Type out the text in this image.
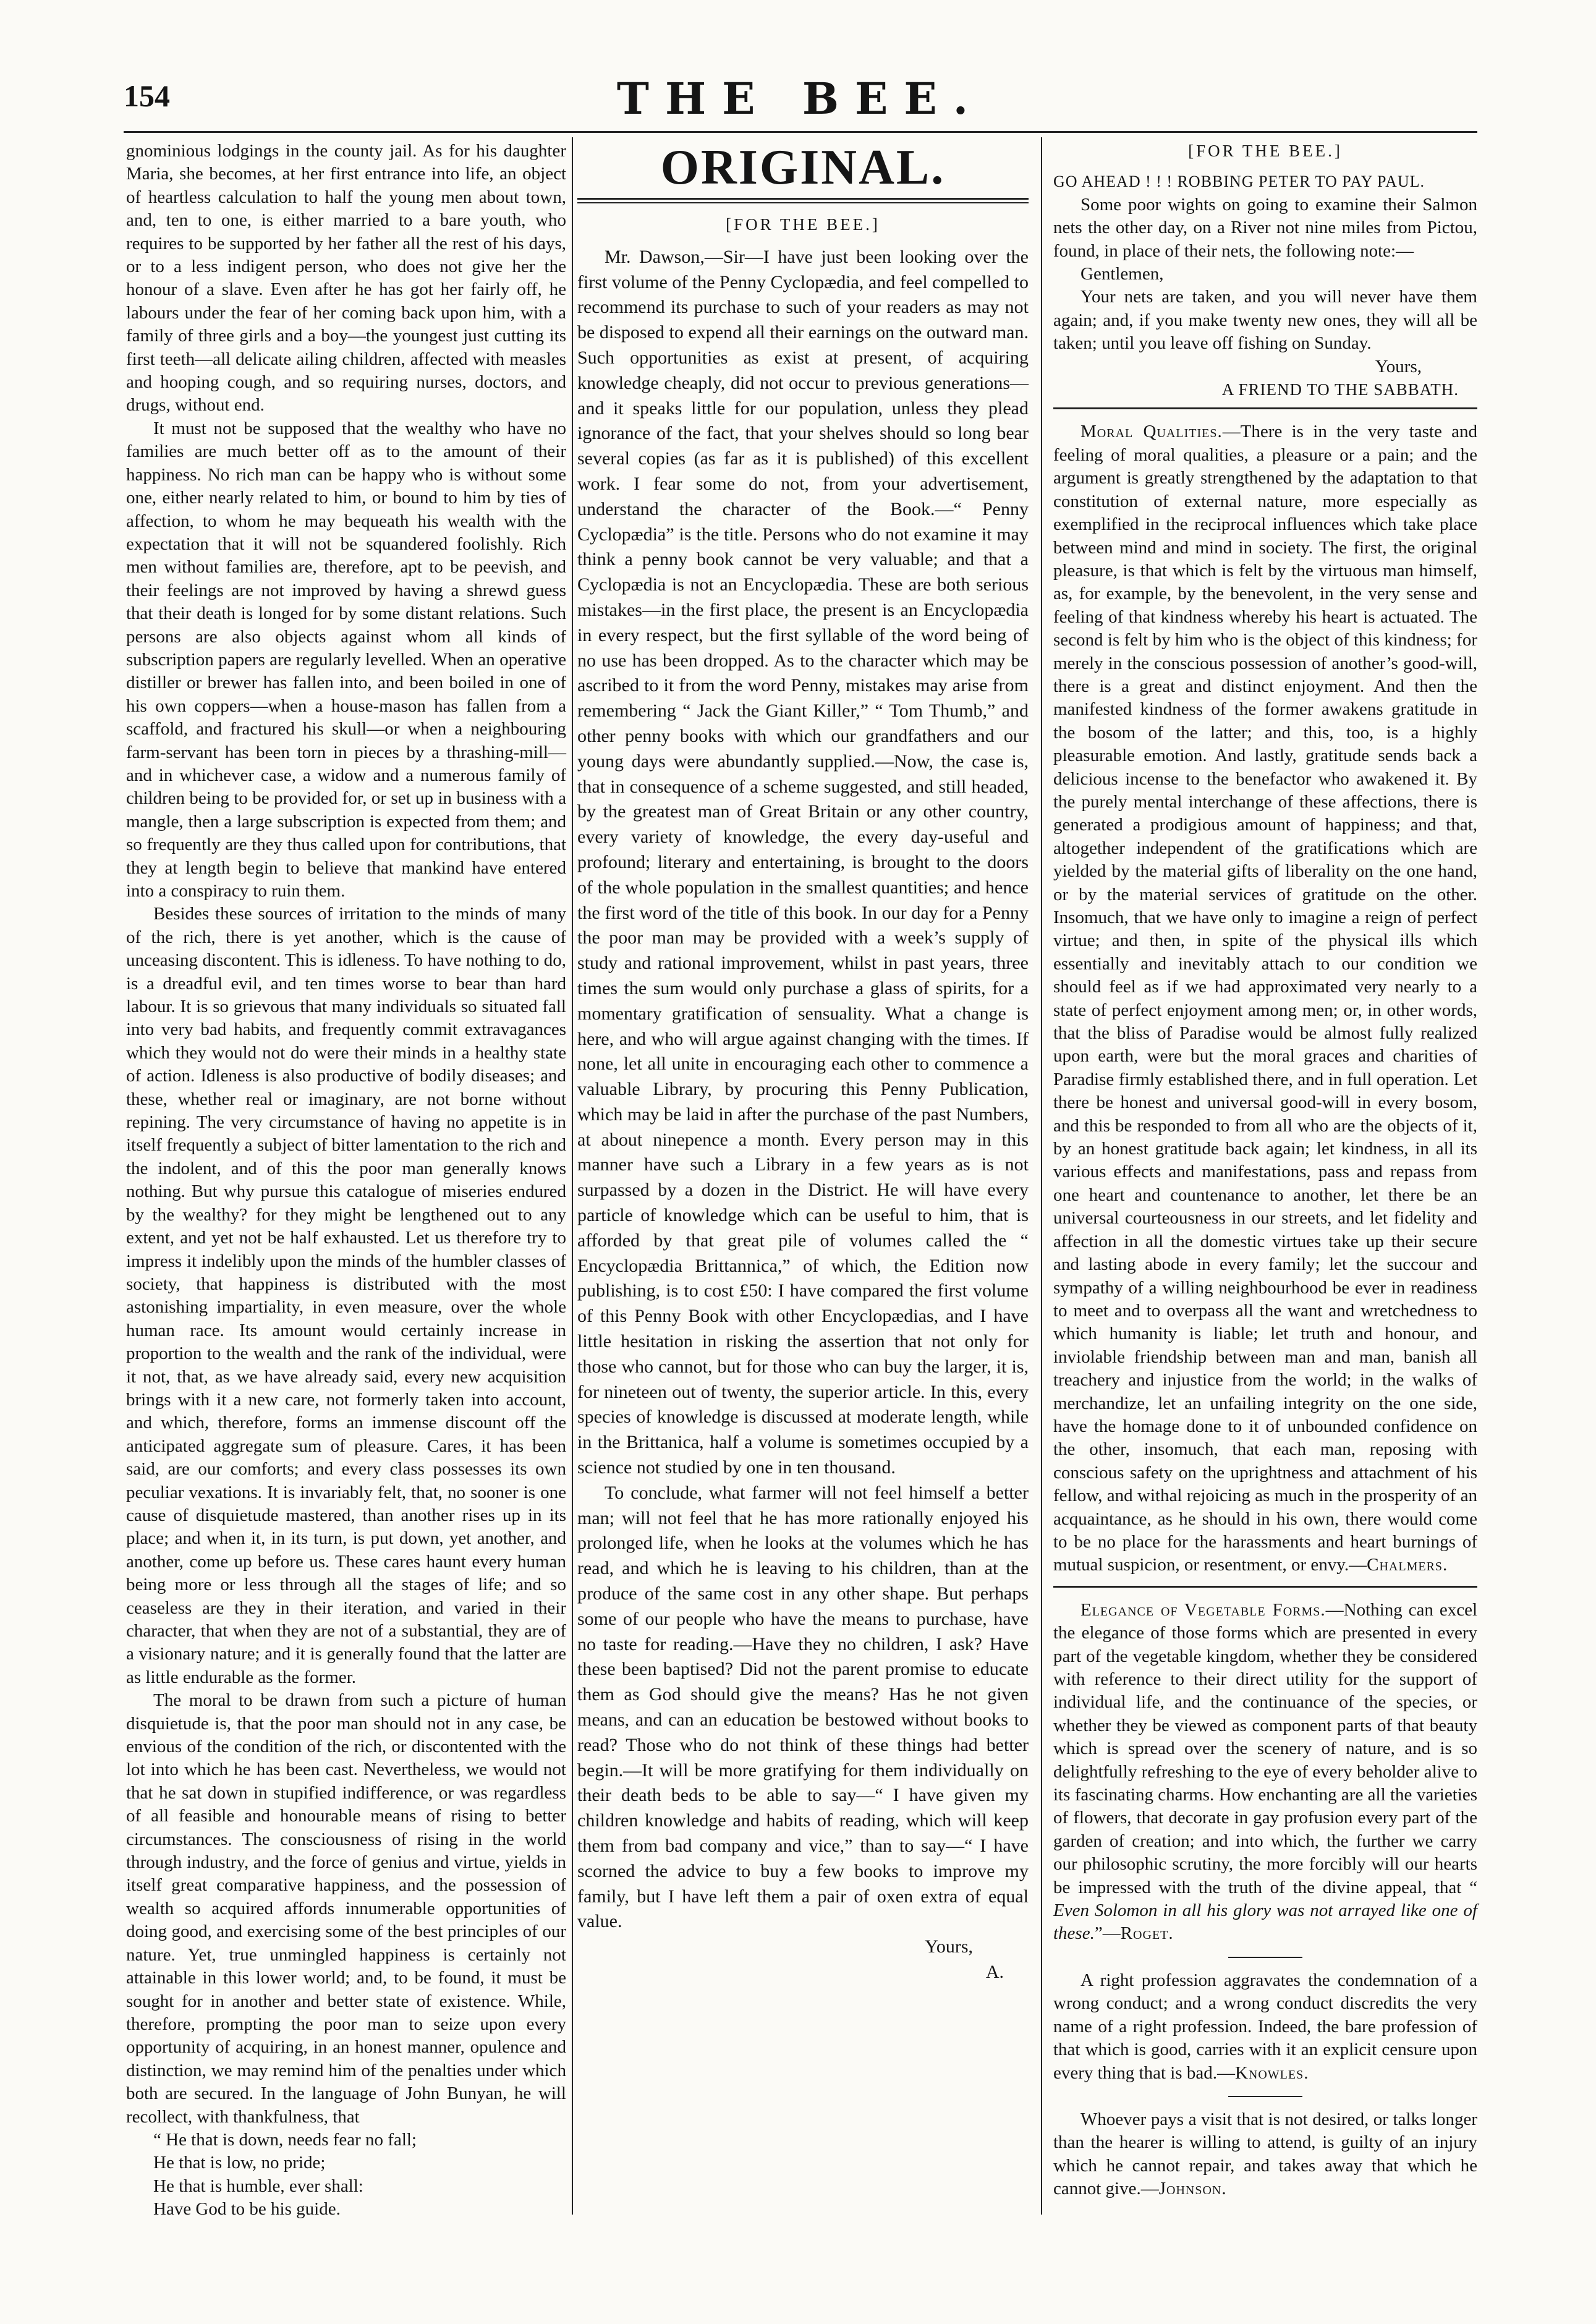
154	THE BEE.

gnominious lodgings in the county jail. As for his daughter Maria, she becomes, at her first entrance into life, an object of heartless calculation to half the young men about town, and, ten to one, is either married to a bare youth, who requires to be supported by her father all the rest of his days, or to a less indigent person, who does not give her the honour of a slave. Even after he has got her fairly off, he labours under the fear of her coming back upon him, with a family of three girls and a boy—the youngest just cutting its first teeth—all delicate ailing children, affected with measles and hooping cough, and so requiring nurses, doctors, and drugs, without end.

It must not be supposed that the wealthy who have no families are much better off as to the amount of their happiness. No rich man can be happy who is without some one, either nearly related to him, or bound to him by ties of affection, to whom he may bequeath his wealth with the expectation that it will not be squandered foolishly. Rich men without families are, therefore, apt to be peevish, and their feelings are not improved by having a shrewd guess that their death is longed for by some distant relations. Such persons are also objects against whom all kinds of subscription papers are regularly levelled. When an operative distiller or brewer has fallen into, and been boiled in one of his own coppers—when a house-mason has fallen from a scaffold, and fractured his skull—or when a neighbouring farm-servant has been torn in pieces by a thrashing-mill—and in whichever case, a widow and a numerous family of children being to be provided for, or set up in business with a mangle, then a large subscription is expected from them; and so frequently are they thus called upon for contributions, that they at length begin to believe that mankind have entered into a conspiracy to ruin them.

Besides these sources of irritation to the minds of many of the rich, there is yet another, which is the cause of unceasing discontent. This is idleness. To have nothing to do, is a dreadful evil, and ten times worse to bear than hard labour. It is so grievous that many individuals so situated fall into very bad habits, and frequently commit extravagances which they would not do were their minds in a healthy state of action. Idleness is also productive of bodily diseases; and these, whether real or imaginary, are not borne without repining. The very circumstance of having no appetite is in itself frequently a subject of bitter lamentation to the rich and the indolent, and of this the poor man generally knows nothing. But why pursue this catalogue of miseries endured by the wealthy? for they might be lengthened out to any extent, and yet not be half exhausted. Let us therefore try to impress it indelibly upon the minds of the humbler classes of society, that happiness is distributed with the most astonishing impartiality, in even measure, over the whole human race. Its amount would certainly increase in proportion to the wealth and the rank of the individual, were it not, that, as we have already said, every new acquisition brings with it a new care, not formerly taken into account, and which, therefore, forms an immense discount off the anticipated aggregate sum of pleasure. Cares, it has been said, are our comforts; and every class possesses its own peculiar vexations. It is invariably felt, that, no sooner is one cause of disquietude mastered, than another rises up in its place; and when it, in its turn, is put down, yet another, and another, come up before us. These cares haunt every human being more or less through all the stages of life; and so ceaseless are they in their iteration, and varied in their character, that when they are not of a substantial, they are of a visionary nature; and it is generally found that the latter are as little endurable as the former.

The moral to be drawn from such a picture of human disquietude is, that the poor man should not in any case, be envious of the condition of the rich, or discontented with the lot into which he has been cast. Nevertheless, we would not that he sat down in stupified indifference, or was regardless of all feasible and honourable means of rising to better circumstances. The consciousness of rising in the world through industry, and the force of genius and virtue, yields in itself great comparative happiness, and the possession of wealth so acquired affords innumerable opportunities of doing good, and exercising some of the best principles of our nature. Yet, true unmingled happiness is certainly not attainable in this lower world; and, to be found, it must be sought for in another and better state of existence. While, therefore, prompting the poor man to seize upon every opportunity of acquiring, in an honest manner, opulence and distinction, we may remind him of the penalties under which both are secured. In the language of John Bunyan, he will recollect, with thankfulness, that

“ He that is down, needs fear no fall;

He that is low, no pride;

He that is humble, ever shall:

Have God to be his guide.

ORIGINAL.
[FOR THE BEE.]

Mr. Dawson,—Sir—I have just been looking over the first volume of the Penny Cyclopædia, and feel compelled to recommend its purchase to such of your readers as may not be disposed to expend all their earnings on the outward man. Such opportunities as exist at present, of acquiring knowledge cheaply, did not occur to previous generations—and it speaks little for our population, unless they plead ignorance of the fact, that your shelves should so long bear several copies (as far as it is published) of this excellent work. I fear some do not, from your advertisement, understand the character of the Book.—“ Penny Cyclopædia” is the title. Persons who do not examine it may think a penny book cannot be very valuable; and that a Cyclopædia is not an Encyclopædia. These are both serious mistakes—in the first place, the present is an Encyclopædia in every respect, but the first syllable of the word being of no use has been dropped. As to the character which may be ascribed to it from the word Penny, mistakes may arise from remembering “ Jack the Giant Killer,” “ Tom Thumb,” and other penny books with which our grandfathers and our young days were abundantly supplied.—Now, the case is, that in consequence of a scheme suggested, and still headed, by the greatest man of Great Britain or any other country, every variety of knowledge, the every day-useful and profound; literary and entertaining, is brought to the doors of the whole population in the smallest quantities; and hence the first word of the title of this book. In our day for a Penny the poor man may be provided with a week’s supply of study and rational improvement, whilst in past years, three times the sum would only purchase a glass of spirits, for a momentary gratification of sensuality. What a change is here, and who will argue against changing with the times. If none, let all unite in encouraging each other to commence a valuable Library, by procuring this Penny Publication, which may be laid in after the purchase of the past Numbers, at about ninepence a month. Every person may in this manner have such a Library in a few years as is not surpassed by a dozen in the District. He will have every particle of knowledge which can be useful to him, that is afforded by that great pile of volumes called the “ Encyclopædia Brittannica,” of which, the Edition now publishing, is to cost £50: I have compared the first volume of this Penny Book with other Encyclopædias, and I have little hesitation in risking the assertion that not only for those who cannot, but for those who can buy the larger, it is, for nineteen out of twenty, the superior article. In this, every species of knowledge is discussed at moderate length, while in the Brittanica, half a volume is sometimes occupied by a science not studied by one in ten thousand.

To conclude, what farmer will not feel himself a better man; will not feel that he has more rationally enjoyed his prolonged life, when he looks at the volumes which he has read, and which he is leaving to his children, than at the produce of the same cost in any other shape. But perhaps some of our people who have the means to purchase, have no taste for reading.—Have they no children, I ask? Have these been baptised? Did not the parent promise to educate them as God should give the means? Has he not given means, and can an education be bestowed without books to read? Those who do not think of these things had better begin.—It will be more gratifying for them individually on their death beds to be able to say—“ I have given my children knowledge and habits of reading, which will keep them from bad company and vice,” than to say—“ I have scorned the advice to buy a few books to improve my family, but I have left them a pair of oxen extra of equal value.

Yours,

A.

[FOR THE BEE.]

GO AHEAD ! ! ! ROBBING PETER TO PAY PAUL.

Some poor wights on going to examine their Salmon nets the other day, on a River not nine miles from Pictou, found, in place of their nets, the following note:—

Gentlemen,

Your nets are taken, and you will never have them again; and, if you make twenty new ones, they will all be taken; until you leave off fishing on Sunday.

Yours,

A FRIEND TO THE SABBATH.

Moral Qualities.—There is in the very taste and feeling of moral qualities, a pleasure or a pain; and the argument is greatly strengthened by the adaptation to that constitution of external nature, more especially as exemplified in the reciprocal influences which take place between mind and mind in society. The first, the original pleasure, is that which is felt by the virtuous man himself, as, for example, by the benevolent, in the very sense and feeling of that kindness whereby his heart is actuated. The second is felt by him who is the object of this kindness; for merely in the conscious possession of another’s good-will, there is a great and distinct enjoyment. And then the manifested kindness of the former awakens gratitude in the bosom of the latter; and this, too, is a highly pleasurable emotion. And lastly, gratitude sends back a delicious incense to the benefactor who awakened it. By the purely mental interchange of these affections, there is generated a prodigious amount of happiness; and that, altogether independent of the gratifications which are yielded by the material gifts of liberality on the one hand, or by the material services of gratitude on the other. Insomuch, that we have only to imagine a reign of perfect virtue; and then, in spite of the physical ills which essentially and inevitably attach to our condition we should feel as if we had approximated very nearly to a state of perfect enjoyment among men; or, in other words, that the bliss of Paradise would be almost fully realized upon earth, were but the moral graces and charities of Paradise firmly established there, and in full operation. Let there be honest and universal good-will in every bosom, and this be responded to from all who are the objects of it, by an honest gratitude back again; let kindness, in all its various effects and manifestations, pass and repass from one heart and countenance to another, let there be an universal courteousness in our streets, and let fidelity and affection in all the domestic virtues take up their secure and lasting abode in every family; let the succour and sympathy of a willing neighbourhood be ever in readiness to meet and to overpass all the want and wretchedness to which humanity is liable; let truth and honour, and inviolable friendship between man and man, banish all treachery and injustice from the world; in the walks of merchandize, let an unfailing integrity on the one side, have the homage done to it of unbounded confidence on the other, insomuch, that each man, reposing with conscious safety on the uprightness and attachment of his fellow, and withal rejoicing as much in the prosperity of an acquaintance, as he should in his own, there would come to be no place for the harassments and heart burnings of mutual suspicion, or resentment, or envy.—Chalmers.

Elegance of Vegetable Forms.—Nothing can excel the elegance of those forms which are presented in every part of the vegetable kingdom, whether they be considered with reference to their direct utility for the support of individual life, and the continuance of the species, or whether they be viewed as component parts of that beauty which is spread over the scenery of nature, and is so delightfully refreshing to the eye of every beholder alive to its fascinating charms. How enchanting are all the varieties of flowers, that decorate in gay profusion every part of the garden of creation; and into which, the further we carry our philosophic scrutiny, the more forcibly will our hearts be impressed with the truth of the divine appeal, that “ Even Solomon in all his glory was not arrayed like one of these.”—Roget.

A right profession aggravates the condemnation of a wrong conduct; and a wrong conduct discredits the very name of a right profession. Indeed, the bare profession of that which is good, carries with it an explicit censure upon every thing that is bad.—Knowles.

Whoever pays a visit that is not desired, or talks longer than the hearer is willing to attend, is guilty of an injury which he cannot repair, and takes away that which he cannot give.—Johnson.
